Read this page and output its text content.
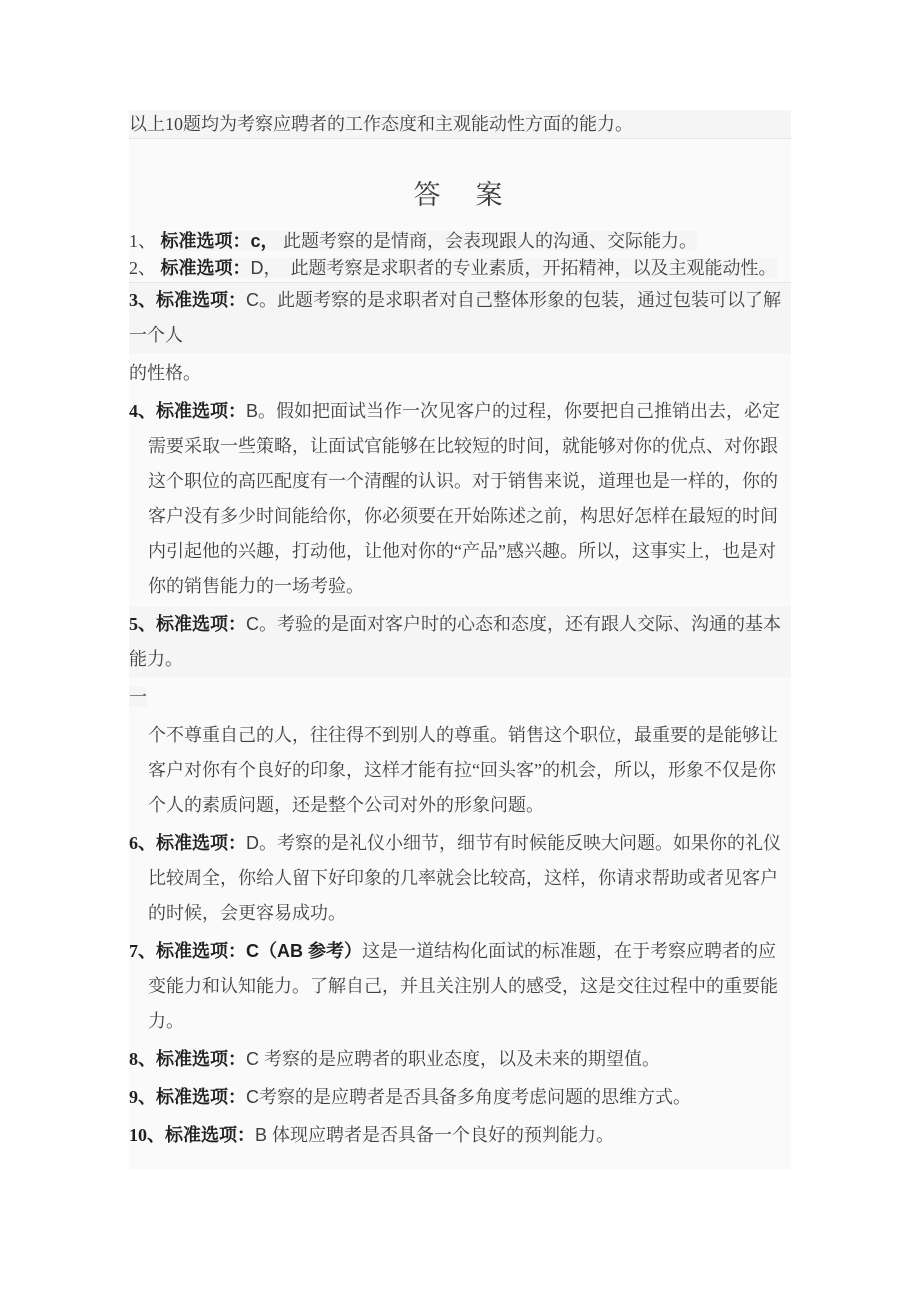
以上10题均为考察应聘者的工作态度和主观能动性方面的能力。

答　案

1、 标准选项：c， 此题考察的是情商，会表现跟人的沟通、交际能力。

2、 标准选项：D，　此题考察是求职者的专业素质，开拓精神，以及主观能动性。

3、标准选项：C。此题考察的是求职者对自己整体形象的包装，通过包装可以了解一个人

的性格。

4、标准选项：B。假如把面试当作一次见客户的过程，你要把自己推销出去，必定需要采取一些策略，让面试官能够在比较短的时间，就能够对你的优点、对你跟这个职位的高匹配度有一个清醒的认识。对于销售来说，道理也是一样的，你的客户没有多少时间能给你，你必须要在开始陈述之前，构思好怎样在最短的时间内引起他的兴趣，打动他，让他对你的“产品”感兴趣。所以，这事实上，也是对你的销售能力的一场考验。

5、标准选项：C。考验的是面对客户时的心态和态度，还有跟人交际、沟通的基本能力。

一

个不尊重自己的人，往往得不到别人的尊重。销售这个职位，最重要的是能够让客户对你有个良好的印象，这样才能有拉“回头客”的机会，所以，形象不仅是你个人的素质问题，还是整个公司对外的形象问题。

6、标准选项：D。考察的是礼仪小细节，细节有时候能反映大问题。如果你的礼仪比较周全，你给人留下好印象的几率就会比较高，这样，你请求帮助或者见客户的时候，会更容易成功。

7、标准选项：C（AB 参考）这是一道结构化面试的标准题，在于考察应聘者的应变能力和认知能力。了解自己，并且关注别人的感受，这是交往过程中的重要能力。

8、标准选项：C 考察的是应聘者的职业态度，以及未来的期望值。

9、标准选项：C考察的是应聘者是否具备多角度考虑问题的思维方式。

10、标准选项：B 体现应聘者是否具备一个良好的预判能力。
